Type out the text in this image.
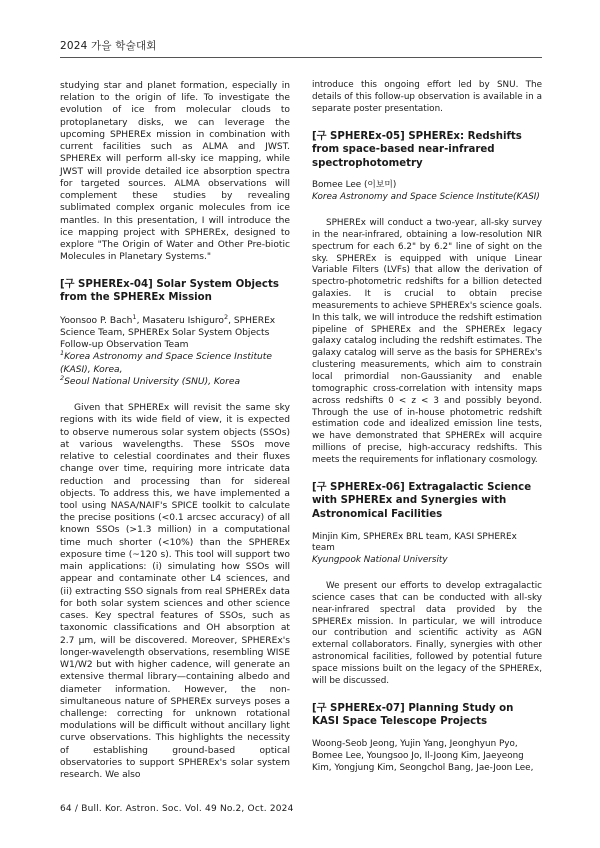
2024 가을 학술대회

studying star and planet formation, especially in relation to the origin of life. To investigate the evolution of ice from molecular clouds to protoplanetary disks, we can leverage the upcoming SPHEREx mission in combination with current facilities such as ALMA and JWST. SPHEREx will perform all-sky ice mapping, while JWST will provide detailed ice absorption spectra for targeted sources. ALMA observations will complement these studies by revealing sublimated complex organic molecules from ice mantles. In this presentation, I will introduce the ice mapping project with SPHEREx, designed to explore "The Origin of Water and Other Pre-biotic Molecules in Planetary Systems."

[구 SPHEREx-04] Solar System Objects from the SPHEREx Mission

Yoonsoo P. Bach$^1$, Masateru Ishiguro$^2$, SPHEREx Science Team, SPHEREx Solar System Objects Follow-up Observation Team

$^1$Korea Astronomy and Space Science Institute (KASI), Korea,
$^2$Seoul National University (SNU), Korea

Given that SPHEREx will revisit the same sky regions with its wide field of view, it is expected to observe numerous solar system objects (SSOs) at various wavelengths. These SSOs move relative to celestial coordinates and their fluxes change over time, requiring more intricate data reduction and processing than for sidereal objects. To address this, we have implemented a tool using NASA/NAIF's SPICE toolkit to calculate the precise positions (<0.1 arcsec accuracy) of all known SSOs (>1.3 million) in a computational time much shorter (<10%) than the SPHEREx exposure time (~120 s). This tool will support two main applications: (i) simulating how SSOs will appear and contaminate other L4 sciences, and (ii) extracting SSO signals from real SPHEREx data for both solar system sciences and other science cases. Key spectral features of SSOs, such as taxonomic classifications and OH absorption at 2.7 μm, will be discovered. Moreover, SPHEREx's longer-wavelength observations, resembling WISE W1/W2 but with higher cadence, will generate an extensive thermal library—containing albedo and diameter information. However, the non-simultaneous nature of SPHEREx surveys poses a challenge: correcting for unknown rotational modulations will be difficult without ancillary light curve observations. This highlights the necessity of establishing ground-based optical observatories to support SPHEREx's solar system research. We also

introduce this ongoing effort led by SNU. The details of this follow-up observation is available in a separate poster presentation.

[구 SPHEREx-05] SPHEREx: Redshifts from space-based near-infrared spectrophotometry

Bomee Lee (이보미)

Korea Astronomy and Space Science Institute(KASI)

SPHEREx will conduct a two-year, all-sky survey in the near-infrared, obtaining a low-resolution NIR spectrum for each 6.2" by 6.2" line of sight on the sky. SPHEREx is equipped with unique Linear Variable Filters (LVFs) that allow the derivation of spectro-photometric redshifts for a billion detected galaxies. It is crucial to obtain precise measurements to achieve SPHEREx's science goals. In this talk, we will introduce the redshift estimation pipeline of SPHEREx and the SPHEREx legacy galaxy catalog including the redshift estimates. The galaxy catalog will serve as the basis for SPHEREx's clustering measurements, which aim to constrain local primordial non-Gaussianity and enable tomographic cross-correlation with intensity maps across redshifts 0 < z < 3 and possibly beyond. Through the use of in-house photometric redshift estimation code and idealized emission line tests, we have demonstrated that SPHEREx will acquire millions of precise, high-accuracy redshifts. This meets the requirements for inflationary cosmology.

[구 SPHEREx-06] Extragalactic Science with SPHEREx and Synergies with Astronomical Facilities

Minjin Kim, SPHEREx BRL team, KASI SPHEREx team

Kyungpook National University

We present our efforts to develop extragalactic science cases that can be conducted with all-sky near-infrared spectral data provided by the SPHEREx mission. In particular, we will introduce our contribution and scientific activity as AGN external collaborators. Finally, synergies with other astronomical facilities, followed by potential future space missions built on the legacy of the SPHEREx, will be discussed.

[구 SPHEREx-07] Planning Study on KASI Space Telescope Projects

Woong-Seob Jeong, Yujin Yang, Jeonghyun Pyo, Bomee Lee, Youngsoo Jo, Il-Joong Kim, Jaeyeong Kim, Yongjung Kim, Seongchol Bang, Jae-Joon Lee,

64 / Bull. Kor. Astron. Soc. Vol. 49 No.2, Oct. 2024
